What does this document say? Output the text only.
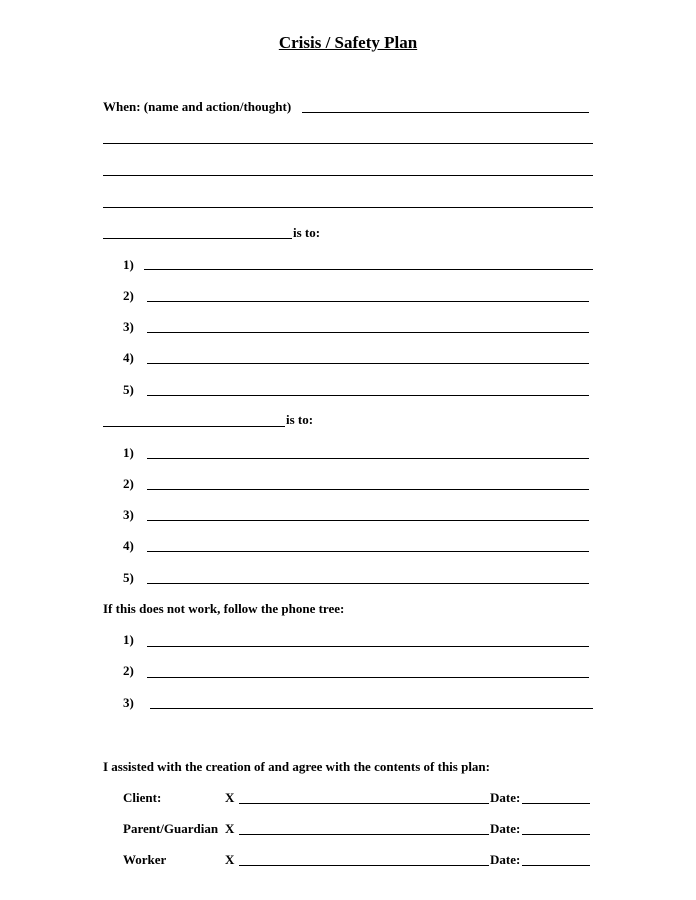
Crisis / Safety Plan
When: (name and action/thought)
is to:
1)
2)
3)
4)
5)
is to:
1)
2)
3)
4)
5)
If this does not work, follow the phone tree:
1)
2)
3)
I assisted with the creation of and agree with the contents of this plan:
Client:	X	Date:
Parent/Guardian X	Date:
Worker	X	Date:
